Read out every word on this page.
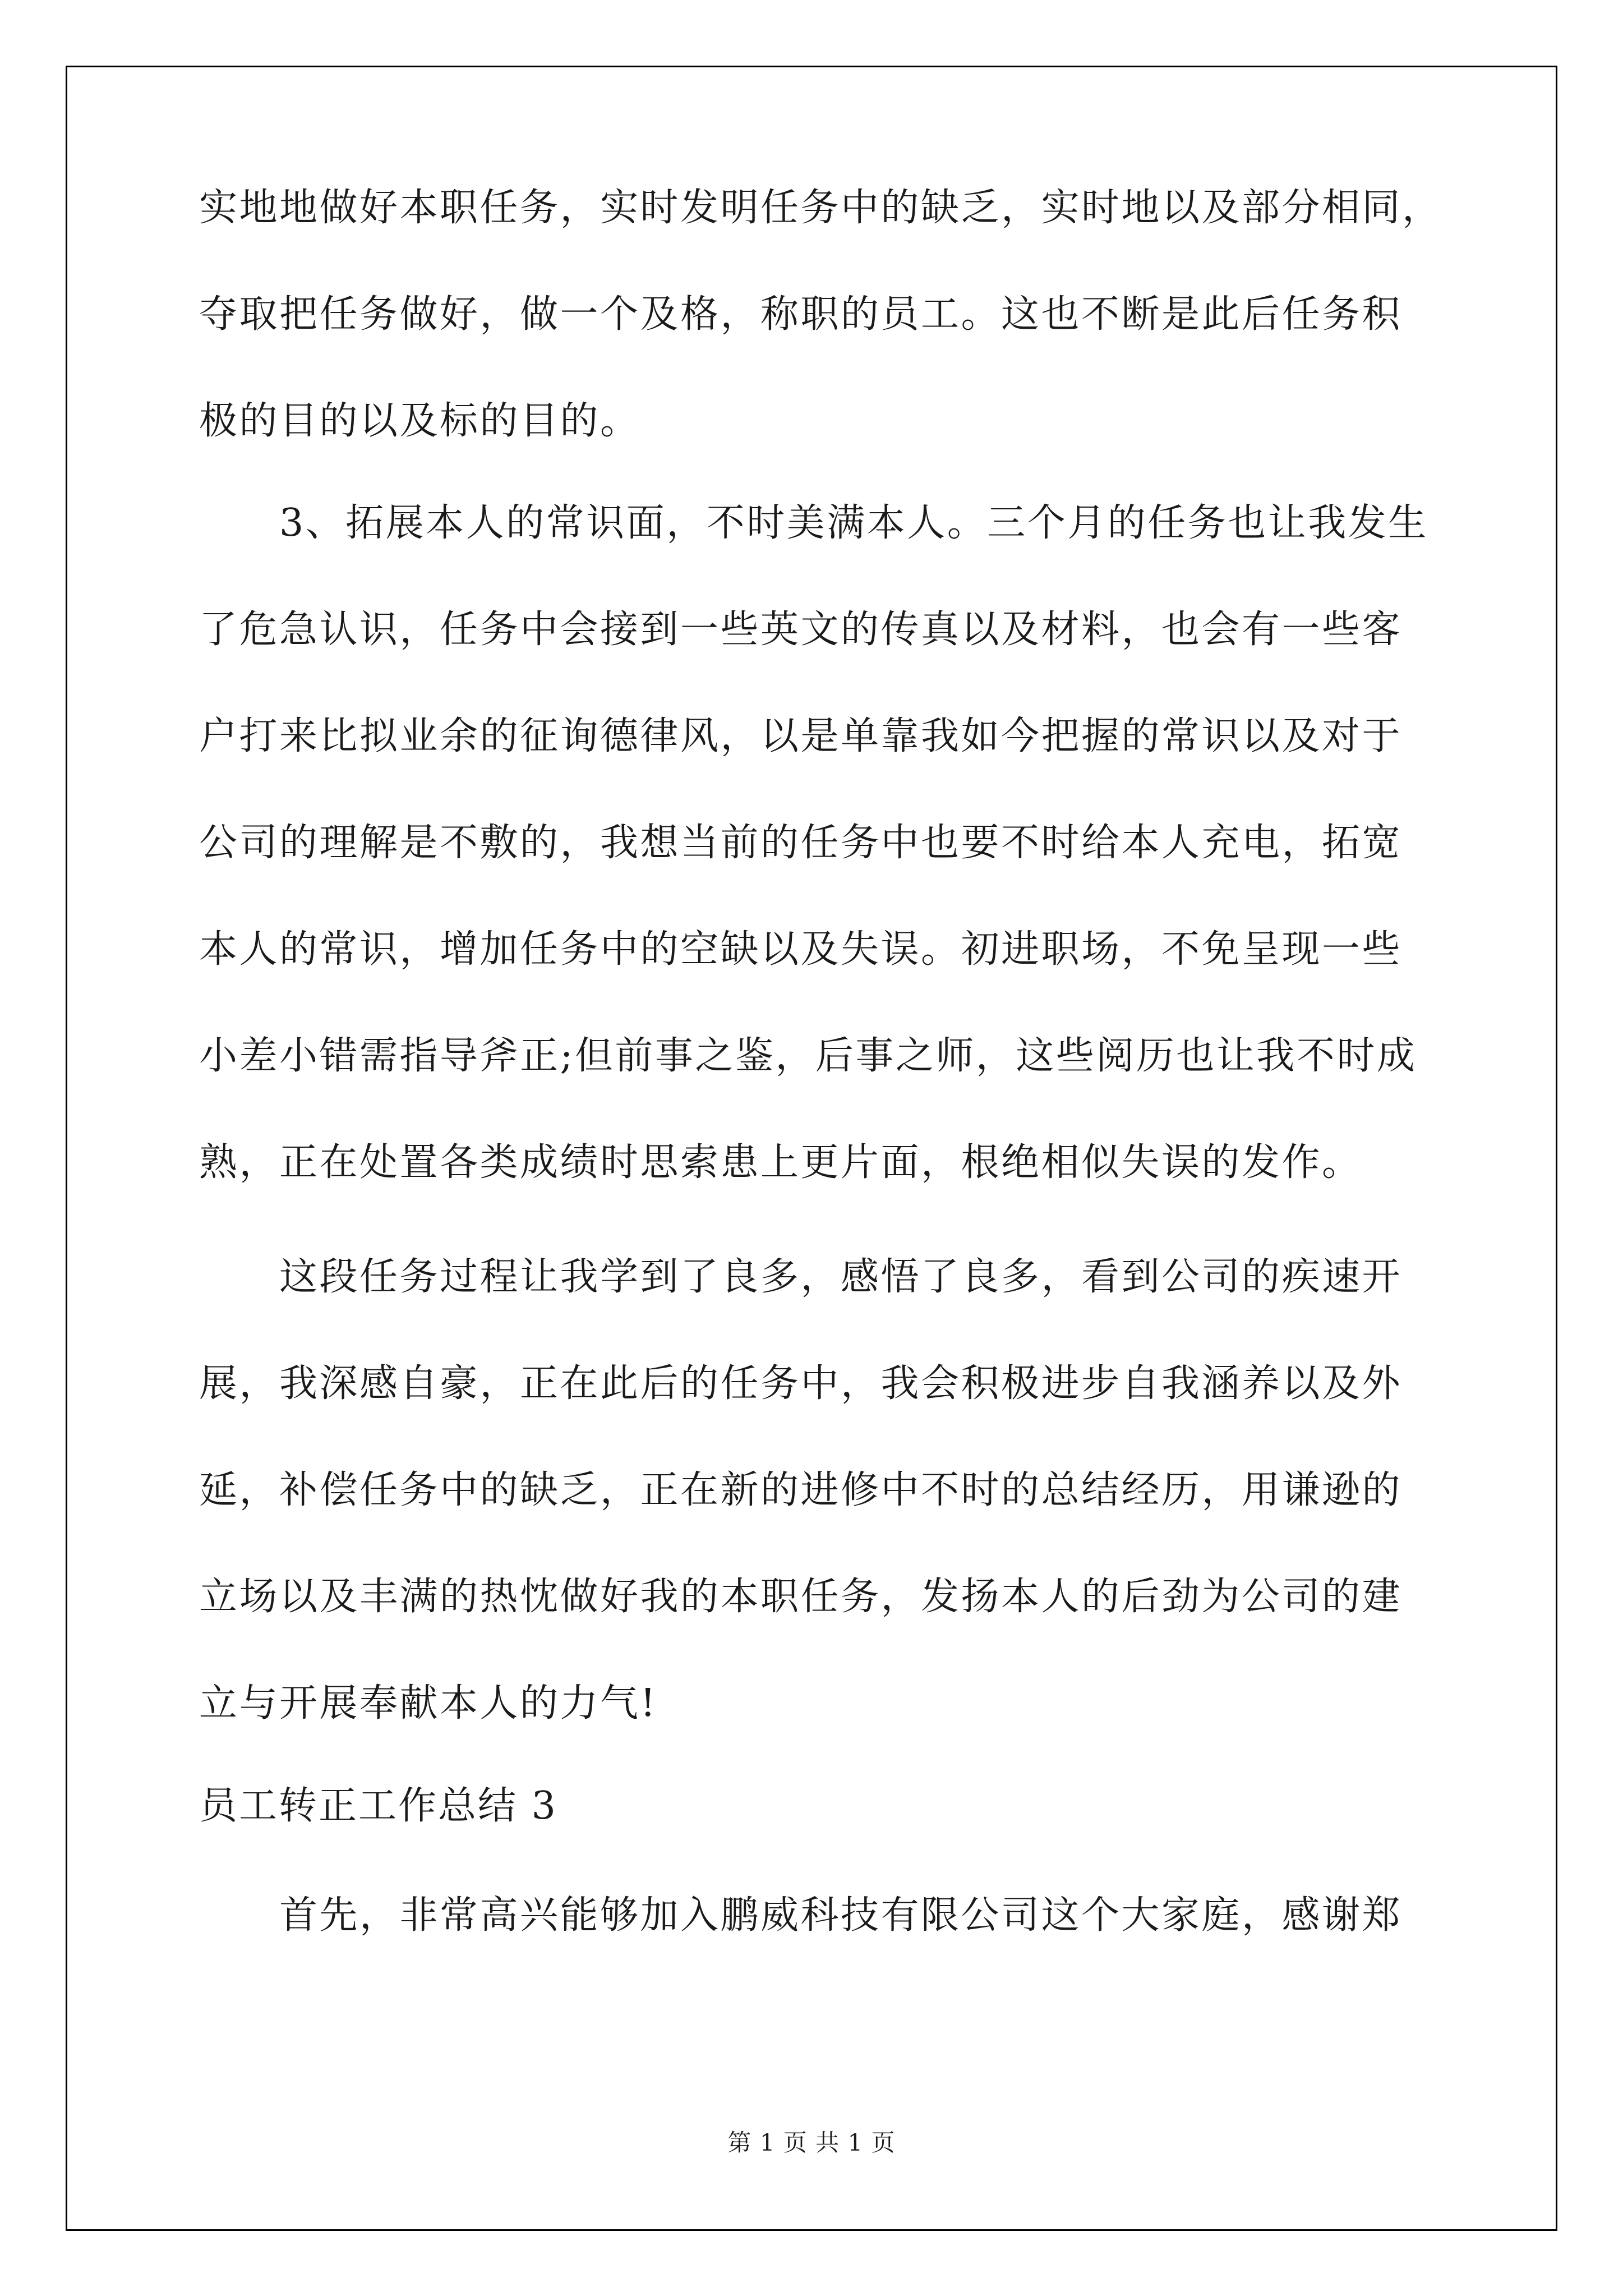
实地地做好本职任务，实时发明任务中的缺乏，实时地以及部分相同，

夺取把任务做好，做一个及格，称职的员工。这也不断是此后任务积

极的目的以及标的目的。

3、拓展本人的常识面，不时美满本人。三个月的任务也让我发生

了危急认识，任务中会接到一些英文的传真以及材料，也会有一些客

户打来比拟业余的征询德律风，以是单靠我如今把握的常识以及对于

公司的理解是不敷的，我想当前的任务中也要不时给本人充电，拓宽

本人的常识，增加任务中的空缺以及失误。初进职场，不免呈现一些

小差小错需指导斧正;但前事之鉴，后事之师，这些阅历也让我不时成

熟，正在处置各类成绩时思索患上更片面，根绝相似失误的发作。

这段任务过程让我学到了良多，感悟了良多，看到公司的疾速开

展，我深感自豪，正在此后的任务中，我会积极进步自我涵养以及外

延，补偿任务中的缺乏，正在新的进修中不时的总结经历，用谦逊的

立场以及丰满的热忱做好我的本职任务，发扬本人的后劲为公司的建

立与开展奉献本人的力气!

员工转正工作总结 3
第 1 页 共 1 页

首先，非常高兴能够加入鹏威科技有限公司这个大家庭，感谢郑
